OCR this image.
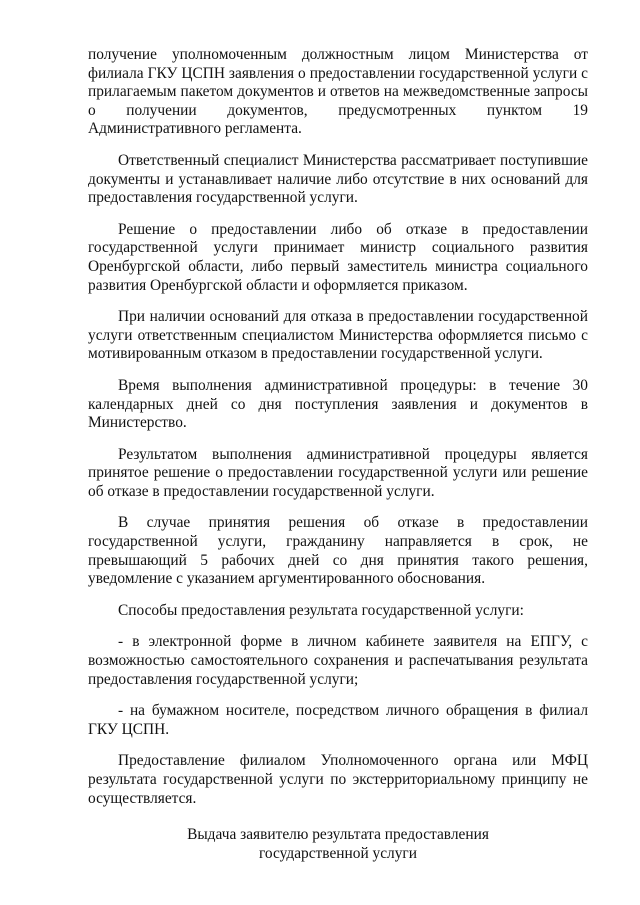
получение уполномоченным должностным лицом Министерства от филиала ГКУ ЦСПН заявления о предоставлении государственной услуги с прилагаемым пакетом документов и ответов на межведомственные запросы о получении документов, предусмотренных пунктом 19 Административного регламента.

Ответственный специалист Министерства рассматривает поступившие документы и устанавливает наличие либо отсутствие в них оснований для предоставления государственной услуги.

Решение о предоставлении либо об отказе в предоставлении государственной услуги принимает министр социального развития Оренбургской области, либо первый заместитель министра социального развития Оренбургской области и оформляется приказом.

При наличии оснований для отказа в предоставлении государственной услуги ответственным специалистом Министерства оформляется письмо с мотивированным отказом в предоставлении государственной услуги.

Время выполнения административной процедуры: в течение 30 календарных дней со дня поступления заявления и документов в Министерство.

Результатом выполнения административной процедуры является принятое решение о предоставлении государственной услуги или решение об отказе в предоставлении государственной услуги.

В случае принятия решения об отказе в предоставлении государственной услуги, гражданину направляется в срок, не превышающий 5 рабочих дней со дня принятия такого решения, уведомление с указанием аргументированного обоснования.

Способы предоставления результата государственной услуги:

- в электронной форме в личном кабинете заявителя на ЕПГУ, с возможностью самостоятельного сохранения и распечатывания результата предоставления государственной услуги;

- на бумажном носителе, посредством личного обращения в филиал ГКУ ЦСПН.

Предоставление филиалом Уполномоченного органа или МФЦ результата государственной услуги по экстерриториальному принципу не осуществляется.

Выдача заявителю результата предоставления
государственной услуги
